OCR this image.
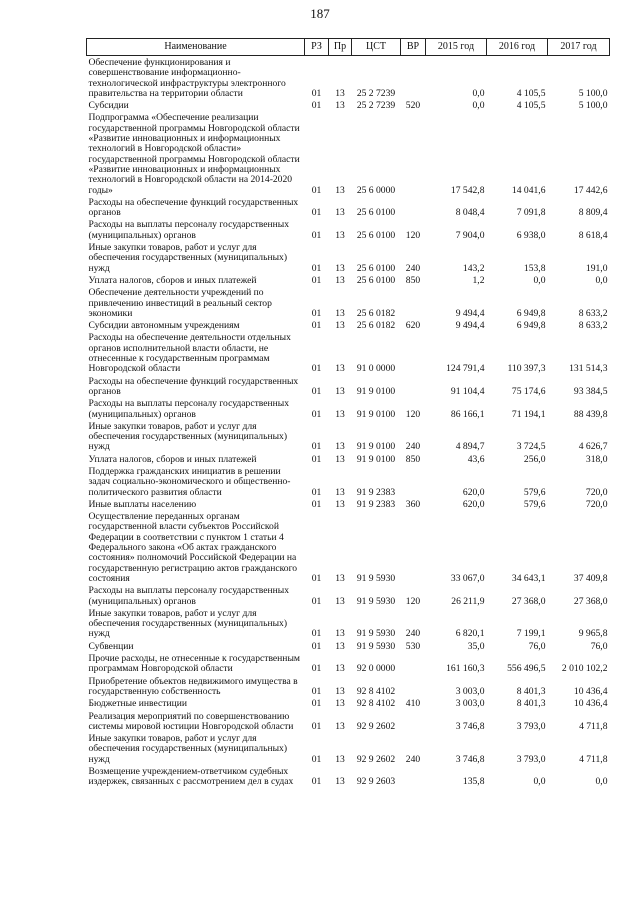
187
Наименование	РЗ	Пр	ЦСТ	ВР	2015 год	2016 год	2017 год
Обеспечение функционирования и совершенствование информационно-технологической инфраструктуры электронного правительства на территории области	01	13	25 2 7239		0,0	4 105,5	5 100,0
Субсидии	01	13	25 2 7239	520	0,0	4 105,5	5 100,0
Подпрограмма «Обеспечение реализации государственной программы Новгородской области «Развитие инновационных и информационных технологий в Новгородской области» государственной программы Новгородской области «Развитие инновационных и информационных технологий в Новгородской области на 2014-2020 годы»	01	13	25 6 0000		17 542,8	14 041,6	17 442,6
Расходы на обеспечение функций государственных органов	01	13	25 6 0100		8 048,4	7 091,8	8 809,4
Расходы на выплаты персоналу государственных (муниципальных) органов	01	13	25 6 0100	120	7 904,0	6 938,0	8 618,4
Иные закупки товаров, работ и услуг для обеспечения государственных (муниципальных) нужд	01	13	25 6 0100	240	143,2	153,8	191,0
Уплата налогов, сборов и иных платежей	01	13	25 6 0100	850	1,2	0,0	0,0
Обеспечение деятельности учреждений по привлечению инвестиций в реальный сектор экономики	01	13	25 6 0182		9 494,4	6 949,8	8 633,2
Субсидии автономным учреждениям	01	13	25 6 0182	620	9 494,4	6 949,8	8 633,2
Расходы на обеспечение деятельности отдельных органов исполнительной власти области, не отнесенные к государственным программам Новгородской области	01	13	91 0 0000		124 791,4	110 397,3	131 514,3
Расходы на обеспечение функций государственных органов	01	13	91 9 0100		91 104,4	75 174,6	93 384,5
Расходы на выплаты персоналу государственных (муниципальных) органов	01	13	91 9 0100	120	86 166,1	71 194,1	88 439,8
Иные закупки товаров, работ и услуг для обеспечения государственных (муниципальных) нужд	01	13	91 9 0100	240	4 894,7	3 724,5	4 626,7
Уплата налогов, сборов и иных платежей	01	13	91 9 0100	850	43,6	256,0	318,0
Поддержка гражданских инициатив в решении задач социально-экономического и общественно-политического развития области	01	13	91 9 2383		620,0	579,6	720,0
Иные выплаты населению	01	13	91 9 2383	360	620,0	579,6	720,0
Осуществление переданных органам государственной власти субъектов Российской Федерации в соответствии с пунктом 1 статьи 4 Федерального закона «Об актах гражданского состояния» полномочий Российской Федерации на государственную регистрацию актов гражданского состояния	01	13	91 9 5930		33 067,0	34 643,1	37 409,8
Расходы на выплаты персоналу государственных (муниципальных) органов	01	13	91 9 5930	120	26 211,9	27 368,0	27 368,0
Иные закупки товаров, работ и услуг для обеспечения государственных (муниципальных) нужд	01	13	91 9 5930	240	6 820,1	7 199,1	9 965,8
Субвенции	01	13	91 9 5930	530	35,0	76,0	76,0
Прочие расходы, не отнесенные к государственным программам Новгородской области	01	13	92 0 0000		161 160,3	556 496,5	2 010 102,2
Приобретение объектов недвижимого имущества в государственную собственность	01	13	92 8 4102		3 003,0	8 401,3	10 436,4
Бюджетные инвестиции	01	13	92 8 4102	410	3 003,0	8 401,3	10 436,4
Реализация мероприятий по совершенствованию системы мировой юстиции Новгородской области	01	13	92 9 2602		3 746,8	3 793,0	4 711,8
Иные закупки товаров, работ и услуг для обеспечения государственных (муниципальных) нужд	01	13	92 9 2602	240	3 746,8	3 793,0	4 711,8
Возмещение учреждением-ответчиком судебных издержек, связанных с рассмотрением дел в судах	01	13	92 9 2603		135,8	0,0	0,0
